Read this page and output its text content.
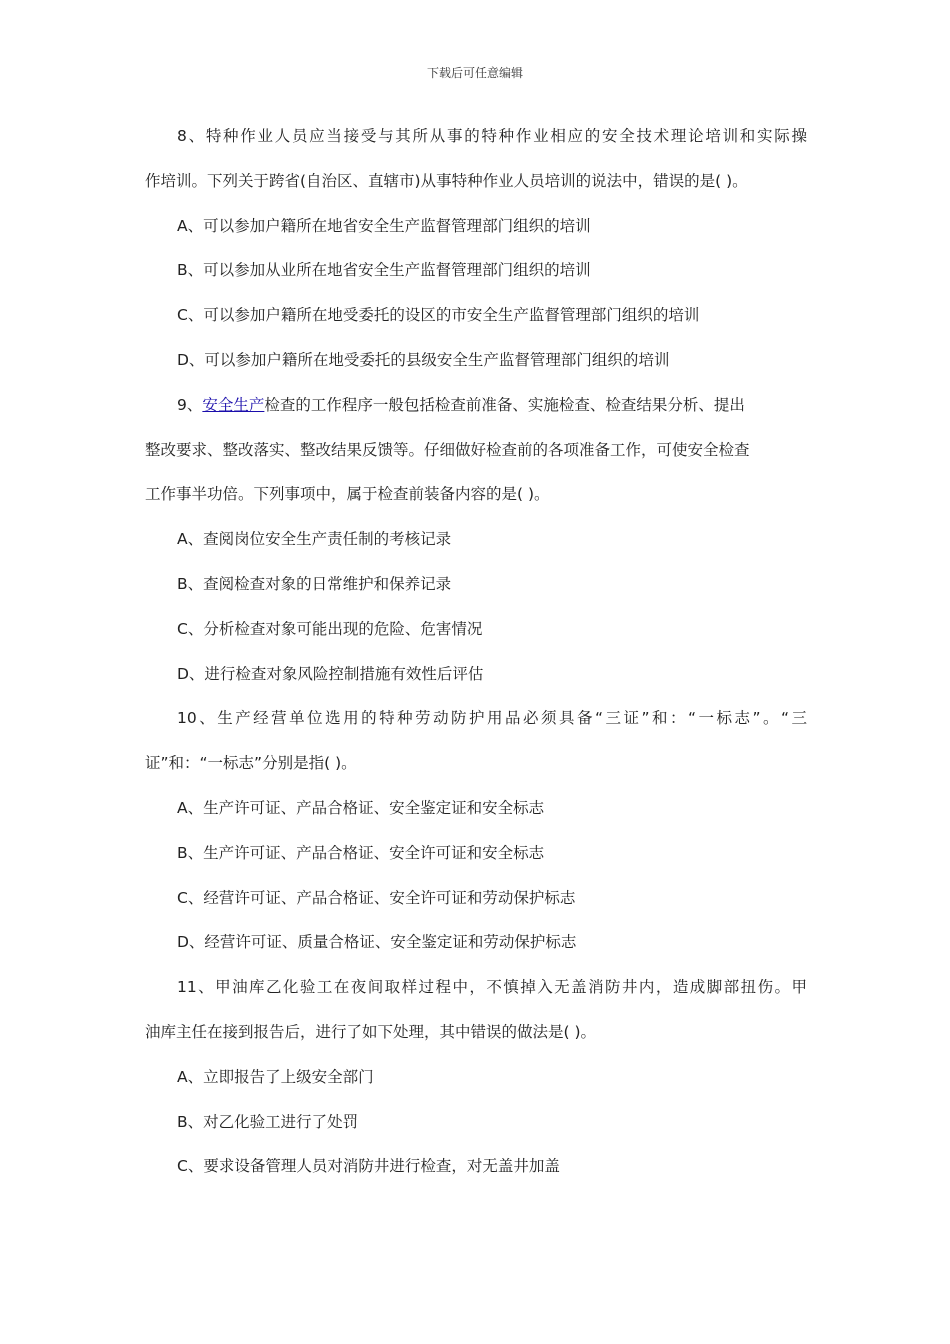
下载后可任意编辑
8、特种作业人员应当接受与其所从事的特种作业相应的安全技术理论培训和实际操
作培训。下列关于跨省(自治区、直辖市)从事特种作业人员培训的说法中，错误的是( )。
A、可以参加户籍所在地省安全生产监督管理部门组织的培训
B、可以参加从业所在地省安全生产监督管理部门组织的培训
C、可以参加户籍所在地受委托的设区的市安全生产监督管理部门组织的培训
D、可以参加户籍所在地受委托的县级安全生产监督管理部门组织的培训
9、安全生产检查的工作程序一般包括检查前准备、实施检查、检查结果分析、提出
整改要求、整改落实、整改结果反馈等。仔细做好检查前的各项准备工作，可使安全检查
工作事半功倍。下列事项中，属于检查前装备内容的是( )。
A、查阅岗位安全生产责任制的考核记录
B、查阅检查对象的日常维护和保养记录
C、分析检查对象可能出现的危险、危害情况
D、进行检查对象风险控制措施有效性后评估
10、生产经营单位选用的特种劳动防护用品必须具备“三证”和：“一标志”。“三
证”和：“一标志”分别是指( )。
A、生产许可证、产品合格证、安全鉴定证和安全标志
B、生产许可证、产品合格证、安全许可证和安全标志
C、经营许可证、产品合格证、安全许可证和劳动保护标志
D、经营许可证、质量合格证、安全鉴定证和劳动保护标志
11、甲油库乙化验工在夜间取样过程中，不慎掉入无盖消防井内，造成脚部扭伤。甲
油库主任在接到报告后，进行了如下处理，其中错误的做法是( )。
A、立即报告了上级安全部门
B、对乙化验工进行了处罚
C、要求设备管理人员对消防井进行检查，对无盖井加盖
